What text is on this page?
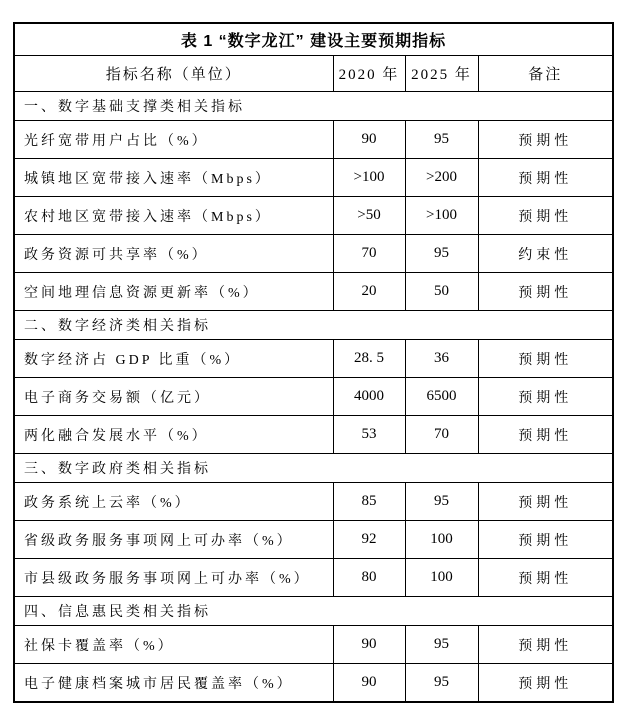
表 1 “数字龙江” 建设主要预期指标			
指标名称（单位）	2020 年	2025 年	备注
一、数字基础支撑类相关指标			
光纤宽带用户占比（%）	90	95	预期性
城镇地区宽带接入速率（Mbps）	>100	>200	预期性
农村地区宽带接入速率（Mbps）	>50	>100	预期性
政务资源可共享率（%）	70	95	约束性
空间地理信息资源更新率（%）	20	50	预期性
二、数字经济类相关指标			
数字经济占 GDP 比重（%）	28. 5	36	预期性
电子商务交易额（亿元）	4000	6500	预期性
两化融合发展水平（%）	53	70	预期性
三、数字政府类相关指标			
政务系统上云率（%）	85	95	预期性
省级政务服务事项网上可办率（%）	92	100	预期性
市县级政务服务事项网上可办率（%）	80	100	预期性
四、信息惠民类相关指标			
社保卡覆盖率（%）	90	95	预期性
电子健康档案城市居民覆盖率（%）	90	95	预期性
